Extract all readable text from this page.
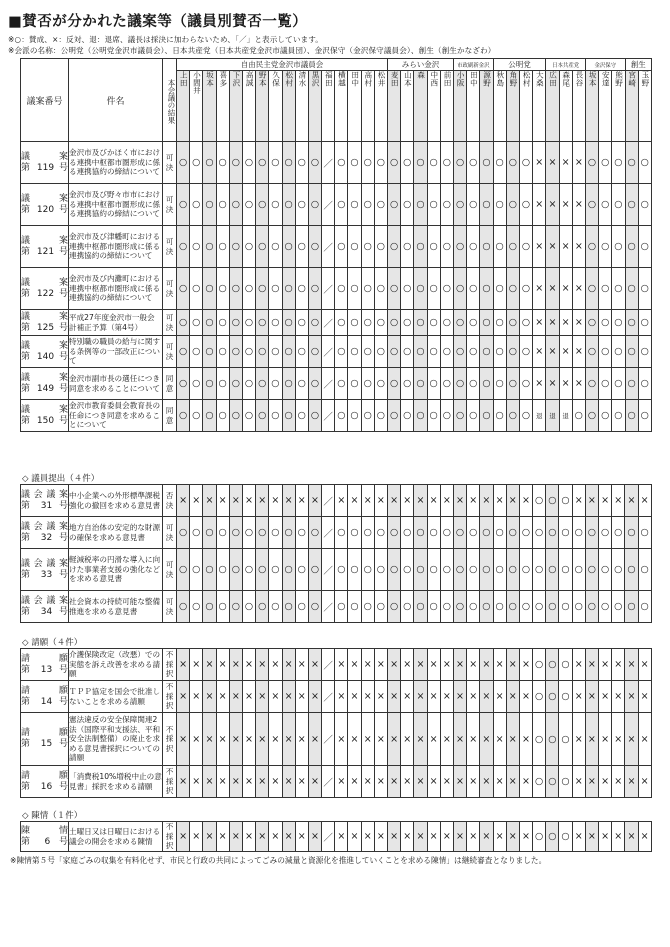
■賛否が分かれた議案等（議員別賛否一覧）
※○：賛成、×：反対、退：退席、議長は採決に加わらないため、「／」と表示しています。
※会派の名称：公明党（公明党金沢市議員会）、日本共産党（日本共産党金沢市議員団）、金沢保守（金沢保守議員会）、創生（創生かなざわ）
議案番号	件名	本会議の結果	自由民主党金沢市議員会																みらい金沢					市政刷新金沢			公明党				日本共産党			金沢保守			創生	
			上田	小間井	坂本	喜多	下沢	高誠	野本	久保	松村	清水	黒沢	福田	横越	田中	高村	松井	麦田	山本	森	中西	前田	小阪	田中	源野	秋島	角野	松村	大桑	広田	森尾	長谷	坂本	安達	熊野	宮崎	玉野

議　案
第 119 号	金沢市及びかほく市における連携中枢都市圏形成に係る連携協約の締結について	可決	○	○	○	○	○	○	○	○	○	○	○	／	○	○	○	○	○	○	○	○	○	○	○	○	○	○	○	×	×	×	×	○	○	○	○	○
議　案
第 120 号	金沢市及び野々市市における連携中枢都市圏形成に係る連携協約の締結について	可決	○	○	○	○	○	○	○	○	○	○	○	／	○	○	○	○	○	○	○	○	○	○	○	○	○	○	○	×	×	×	×	○	○	○	○	○
議　案
第 121 号	金沢市及び津幡町における連携中枢都市圏形成に係る連携協約の締結について	可決	○	○	○	○	○	○	○	○	○	○	○	／	○	○	○	○	○	○	○	○	○	○	○	○	○	○	○	×	×	×	×	○	○	○	○	○
議　案
第 122 号	金沢市及び内灘町における連携中枢都市圏形成に係る連携協約の締結について	可決	○	○	○	○	○	○	○	○	○	○	○	／	○	○	○	○	○	○	○	○	○	○	○	○	○	○	○	×	×	×	×	○	○	○	○	○
議　案
第 125 号	平成27年度金沢市一般会計補正予算（第4号）	可決	○	○	○	○	○	○	○	○	○	○	○	／	○	○	○	○	○	○	○	○	○	○	○	○	○	○	○	×	×	×	×	○	○	○	○	○
議　案
第 140 号	特別職の職員の給与に関する条例等の一部改正について	可決	○	○	○	○	○	○	○	○	○	○	○	／	○	○	○	○	○	○	○	○	○	○	○	○	○	○	○	×	×	×	×	○	○	○	○	○
議　案
第 149 号	金沢市副市長の選任につき同意を求めることについて	同意	○	○	○	○	○	○	○	○	○	○	○	／	○	○	○	○	○	○	○	○	○	○	○	○	○	○	○	×	×	×	×	○	○	○	○	○
議　案
第 150 号	金沢市教育委員会教育長の任命につき同意を求めることについて	同意	○	○	○	○	○	○	○	○	○	○	○	／	○	○	○	○	○	○	○	○	○	○	○	○	○	○	○	退	退	退	○	○	○	○	○	○
◇ 議員提出（４件）
議会議案
第 31 号	中小企業への外形標準課税強化の撤回を求める意見書	否決	×	×	×	×	×	×	×	×	×	×	×	／	×	×	×	×	×	×	×	×	×	×	×	×	×	×	×	○	○	○	×	×	×	×	×	×
議会議案
第 32 号	地方自治体の安定的な財源の確保を求める意見書	可決	○	○	○	○	○	○	○	○	○	○	○	／	○	○	○	○	○	○	○	○	○	○	○	○	○	○	○	○	○	○	○	○	○	○	○	○
議会議案
第 33 号	軽減税率の円滑な導入に向けた事業者支援の強化などを求める意見書	可決	○	○	○	○	○	○	○	○	○	○	○	／	○	○	○	○	○	○	○	○	○	○	○	○	○	○	○	○	○	○	○	○	○	○	○	○
議会議案
第 34 号	社会資本の持続可能な整備推進を求める意見書	可決	○	○	○	○	○	○	○	○	○	○	○	／	○	○	○	○	○	○	○	○	○	○	○	○	○	○	○	○	○	○	○	○	○	○	○	○
◇ 請願（４件）
請　願
第 13 号	介護保険改定（改悪）での実態を訴え改善を求める請願	不採択	×	×	×	×	×	×	×	×	×	×	×	／	×	×	×	×	×	×	×	×	×	×	×	×	×	×	×	○	○	○	×	×	×	×	×	×
請　願
第 14 号	ＴＰＰ協定を国会で批准しないことを求める請願	不採択	×	×	×	×	×	×	×	×	×	×	×	／	×	×	×	×	×	×	×	×	×	×	×	×	×	×	×	○	○	○	×	×	×	×	×	×
請　願
第 15 号	憲法違反の安全保障関連2法（国際平和支援法、平和安全法制整備）の廃止を求める意見書採択についての請願	不採択	×	×	×	×	×	×	×	×	×	×	×	／	×	×	×	×	×	×	×	×	×	×	×	×	×	×	×	○	○	○	×	×	×	×	×	×
請　願
第 16 号	「消費税10%増税中止の意見書」採択を求める請願	不採択	×	×	×	×	×	×	×	×	×	×	×	／	×	×	×	×	×	×	×	×	×	×	×	×	×	×	×	○	○	○	×	×	×	×	×	×
◇ 陳情（１件）
陳　情
第 6 号	土曜日又は日曜日における議会の開会を求める陳情	不採択	×	×	×	×	×	×	×	×	×	×	×	／	×	×	×	×	×	×	×	×	×	×	×	×	×	×	×	○	○	○	×	×	×	×	×	×
※陳情第５号「家庭ごみの収集を有料化せず、市民と行政の共同によってごみの減量と資源化を推進していくことを求める陳情」は継続審査となりました。
